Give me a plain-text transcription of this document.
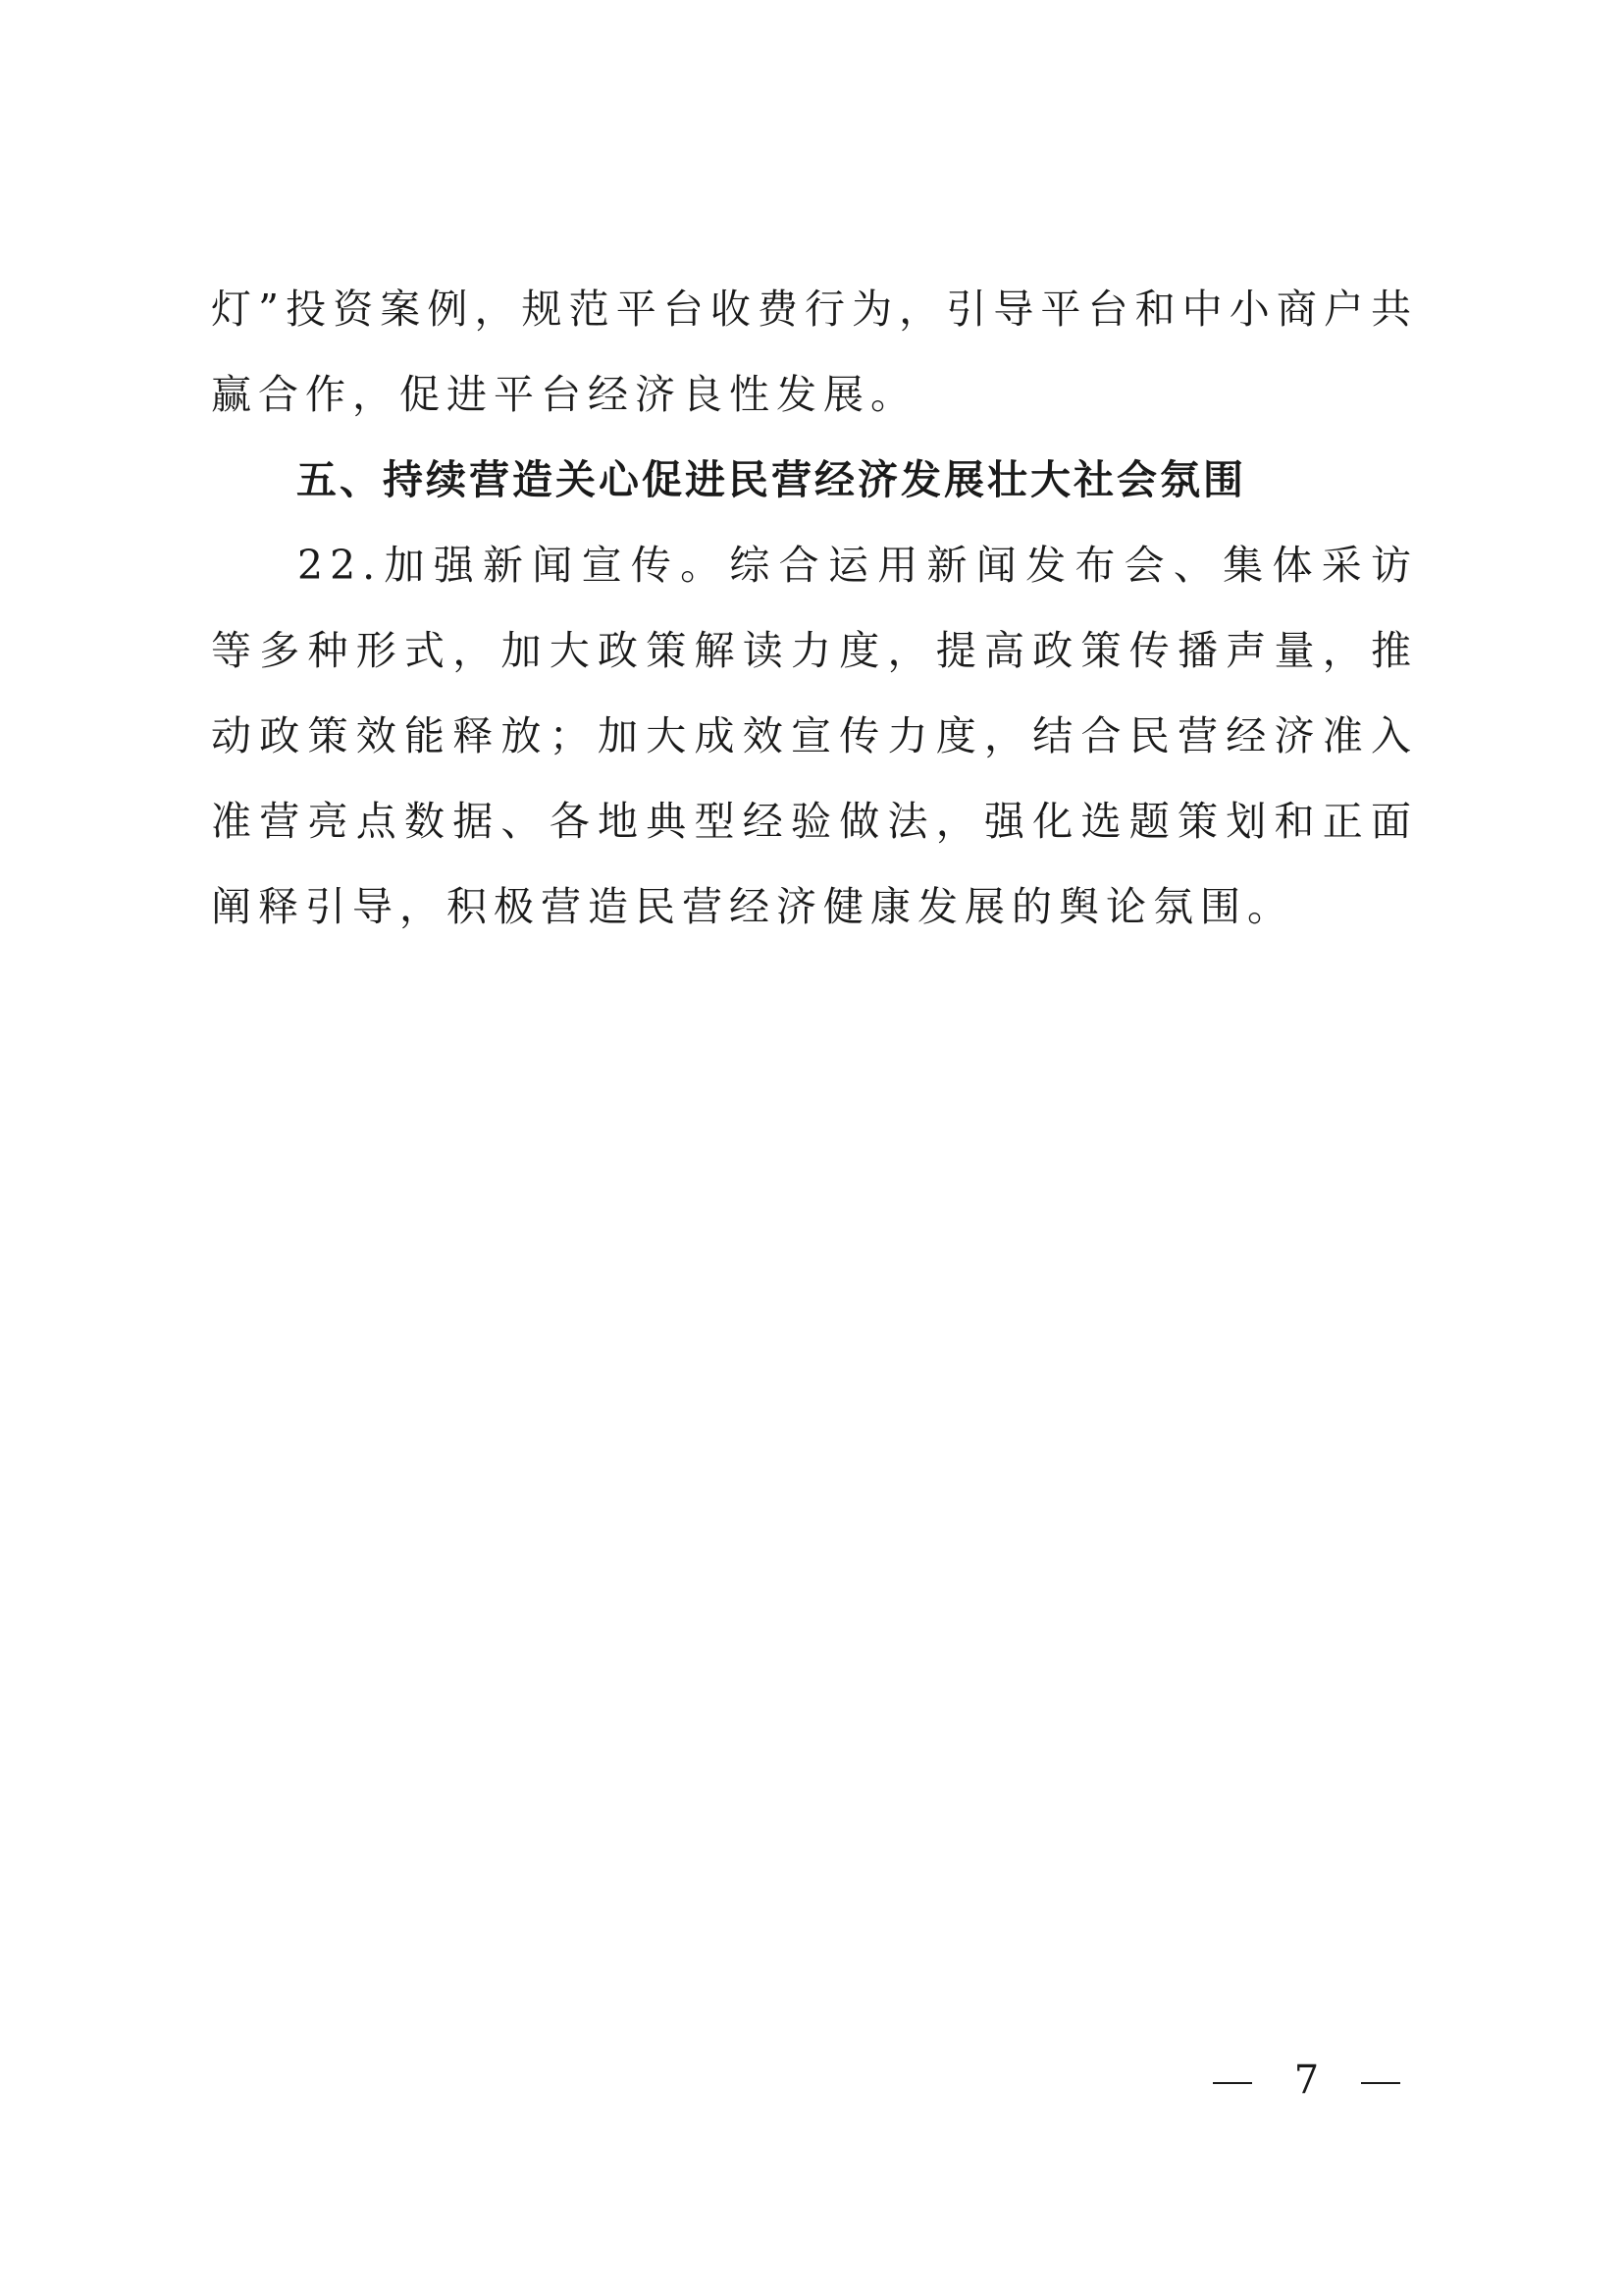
灯”投资案例，规范平台收费行为，引导平台和中小商户共赢合作，促进平台经济良性发展。

五、持续营造关心促进民营经济发展壮大社会氛围

22.加强新闻宣传。综合运用新闻发布会、集体采访等多种形式，加大政策解读力度，提高政策传播声量，推动政策效能释放；加大成效宣传力度，结合民营经济准入准营亮点数据、各地典型经验做法，强化选题策划和正面阐释引导，积极营造民营经济健康发展的舆论氛围。

7
